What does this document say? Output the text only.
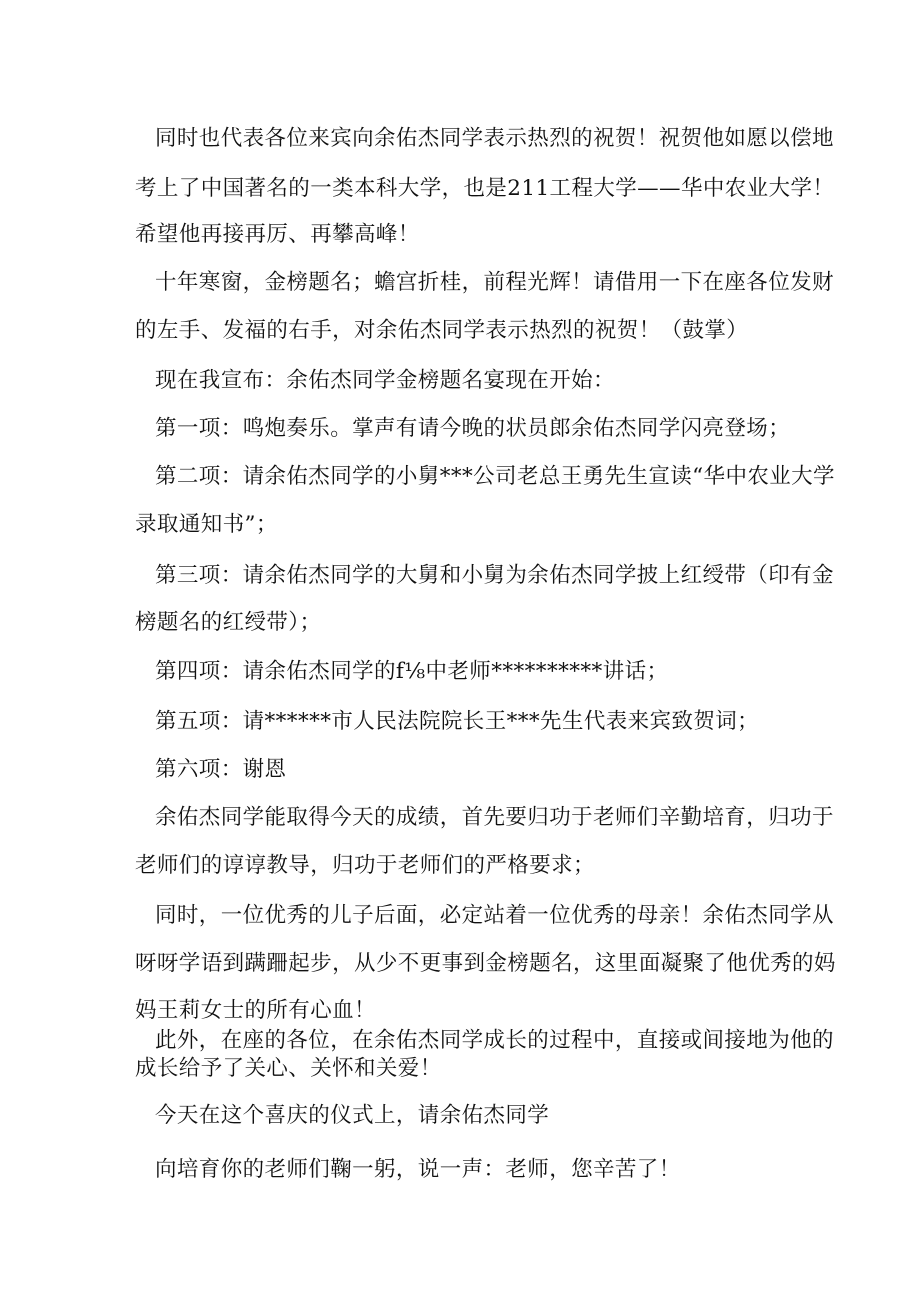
同时也代表各位来宾向余佑杰同学表示热烈的祝贺！祝贺他如愿以偿地
考上了中国著名的一类本科大学，也是211工程大学——华中农业大学！
希望他再接再厉、再攀高峰！
十年寒窗，金榜题名；蟾宫折桂，前程光辉！请借用一下在座各位发财
的左手、发福的右手，对余佑杰同学表示热烈的祝贺！（鼓掌）
现在我宣布：余佑杰同学金榜题名宴现在开始：
第一项：鸣炮奏乐。掌声有请今晚的状员郎余佑杰同学闪亮登场；
第二项：请余佑杰同学的小舅***公司老总王勇先生宣读“华中农业大学
录取通知书”；
第三项：请余佑杰同学的大舅和小舅为余佑杰同学披上红绶带（印有金
榜题名的红绶带）；
第四项：请余佑杰同学的f⅛中老师**********讲话；
第五项：请******市人民法院院长王***先生代表来宾致贺词；
第六项：谢恩
余佑杰同学能取得今天的成绩，首先要归功于老师们辛勤培育，归功于
老师们的谆谆教导，归功于老师们的严格要求；
同时，一位优秀的儿子后面，必定站着一位优秀的母亲！余佑杰同学从
呀呀学语到蹒跚起步，从少不更事到金榜题名，这里面凝聚了他优秀的妈
妈王莉女士的所有心血！
此外，在座的各位，在余佑杰同学成长的过程中，直接或间接地为他的
成长给予了关心、关怀和关爱！
今天在这个喜庆的仪式上，请余佑杰同学
向培育你的老师们鞠一躬，说一声：老师，您辛苦了！
